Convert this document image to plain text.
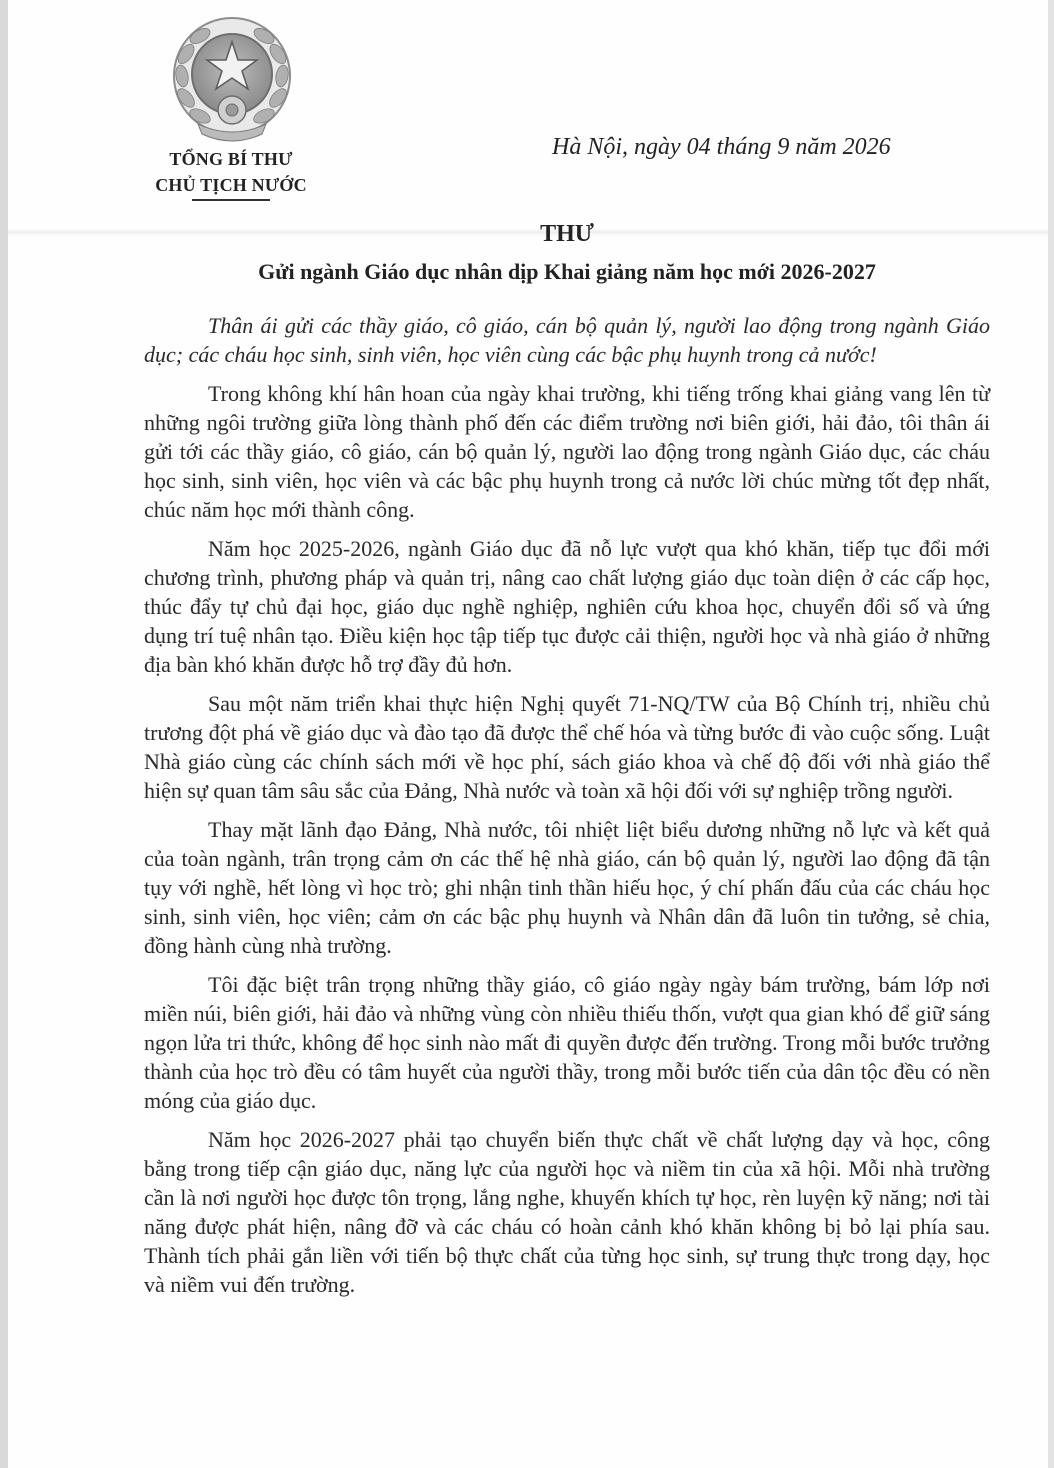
TỔNG BÍ THƯ
CHỦ TỊCH NƯỚC
Hà Nội, ngày 04 tháng 9 năm 2026
THƯ
Gửi ngành Giáo dục nhân dịp Khai giảng năm học mới 2026-2027

Thân ái gửi các thầy giáo, cô giáo, cán bộ quản lý, người lao động trong ngành Giáo dục; các cháu học sinh, sinh viên, học viên cùng các bậc phụ huynh trong cả nước!

Trong không khí hân hoan của ngày khai trường, khi tiếng trống khai giảng vang lên từ những ngôi trường giữa lòng thành phố đến các điểm trường nơi biên giới, hải đảo, tôi thân ái gửi tới các thầy giáo, cô giáo, cán bộ quản lý, người lao động trong ngành Giáo dục, các cháu học sinh, sinh viên, học viên và các bậc phụ huynh trong cả nước lời chúc mừng tốt đẹp nhất, chúc năm học mới thành công.

Năm học 2025-2026, ngành Giáo dục đã nỗ lực vượt qua khó khăn, tiếp tục đổi mới chương trình, phương pháp và quản trị, nâng cao chất lượng giáo dục toàn diện ở các cấp học, thúc đẩy tự chủ đại học, giáo dục nghề nghiệp, nghiên cứu khoa học, chuyển đổi số và ứng dụng trí tuệ nhân tạo. Điều kiện học tập tiếp tục được cải thiện, người học và nhà giáo ở những địa bàn khó khăn được hỗ trợ đầy đủ hơn.

Sau một năm triển khai thực hiện Nghị quyết 71-NQ/TW của Bộ Chính trị, nhiều chủ trương đột phá về giáo dục và đào tạo đã được thể chế hóa và từng bước đi vào cuộc sống. Luật Nhà giáo cùng các chính sách mới về học phí, sách giáo khoa và chế độ đối với nhà giáo thể hiện sự quan tâm sâu sắc của Đảng, Nhà nước và toàn xã hội đối với sự nghiệp trồng người.

Thay mặt lãnh đạo Đảng, Nhà nước, tôi nhiệt liệt biểu dương những nỗ lực và kết quả của toàn ngành, trân trọng cảm ơn các thế hệ nhà giáo, cán bộ quản lý, người lao động đã tận tụy với nghề, hết lòng vì học trò; ghi nhận tinh thần hiếu học, ý chí phấn đấu của các cháu học sinh, sinh viên, học viên; cảm ơn các bậc phụ huynh và Nhân dân đã luôn tin tưởng, sẻ chia, đồng hành cùng nhà trường.

Tôi đặc biệt trân trọng những thầy giáo, cô giáo ngày ngày bám trường, bám lớp nơi miền núi, biên giới, hải đảo và những vùng còn nhiều thiếu thốn, vượt qua gian khó để giữ sáng ngọn lửa tri thức, không để học sinh nào mất đi quyền được đến trường. Trong mỗi bước trưởng thành của học trò đều có tâm huyết của người thầy, trong mỗi bước tiến của dân tộc đều có nền móng của giáo dục.

Năm học 2026-2027 phải tạo chuyển biến thực chất về chất lượng dạy và học, công bằng trong tiếp cận giáo dục, năng lực của người học và niềm tin của xã hội. Mỗi nhà trường cần là nơi người học được tôn trọng, lắng nghe, khuyến khích tự học, rèn luyện kỹ năng; nơi tài năng được phát hiện, nâng đỡ và các cháu có hoàn cảnh khó khăn không bị bỏ lại phía sau. Thành tích phải gắn liền với tiến bộ thực chất của từng học sinh, sự trung thực trong dạy, học và niềm vui đến trường.
